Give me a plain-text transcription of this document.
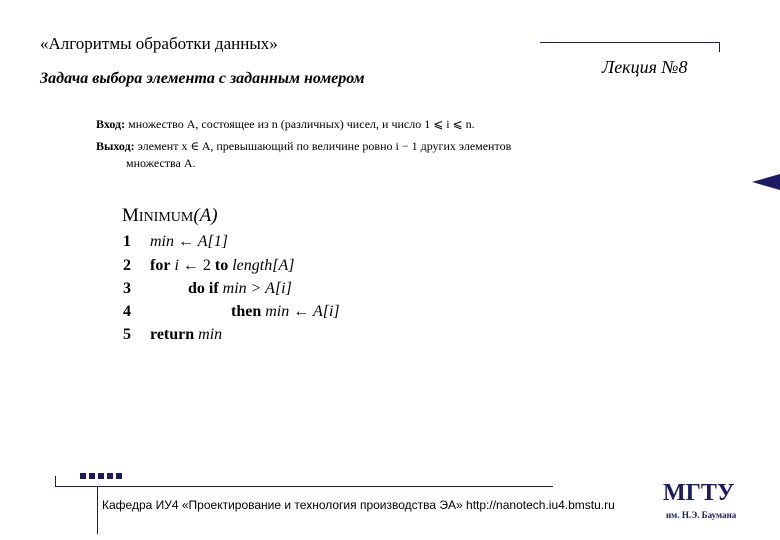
«Алгоритмы обработки данных»
Задача выбора элемента с заданным номером
Лекция №8
Вход: множество A, состоящее из n (различных) чисел, и число 1 ⩽ i ⩽ n.
Выход: элемент x ∈ A, превышающий по величине ровно i − 1 других элементов
множества A.
MINIMUM(A)
1 min ← A[1]
2 for i ← 2 to length[A]
3	do if min > A[i]
4	then min ← A[i]
5 return min
Кафедра ИУ4 «Проектирование и технология производства ЭА» http://nanotech.iu4.bmstu.ru МГТУ
им. Н.Э. Баумана
